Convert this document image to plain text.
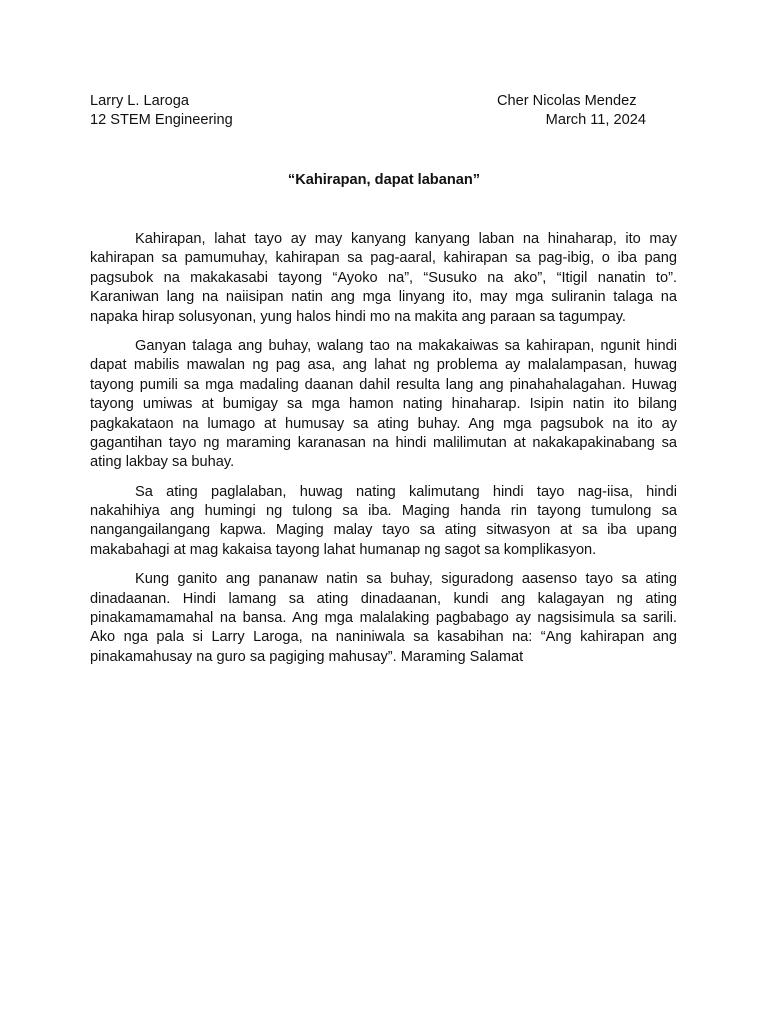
Larry L. Laroga
12 STEM Engineering
Cher Nicolas Mendez
March 11, 2024
“Kahirapan, dapat labanan”
Kahirapan, lahat tayo ay may kanyang kanyang laban na hinaharap, ito may
kahirapan sa pamumuhay, kahirapan sa pag-aaral, kahirapan sa pag-ibig, o iba pang
pagsubok na makakasabi tayong “Ayoko na”, “Susuko na ako”, “Itigil nanatin to”.
Karaniwan lang na naiisipan natin ang mga linyang ito, may mga suliranin talaga na
napaka hirap solusyonan, yung halos hindi mo na makita ang paraan sa tagumpay.
Ganyan talaga ang buhay, walang tao na makakaiwas sa kahirapan, ngunit hindi
dapat mabilis mawalan ng pag asa, ang lahat ng problema ay malalampasan, huwag
tayong pumili sa mga madaling daanan dahil resulta lang ang pinahahalagahan. Huwag
tayong umiwas at bumigay sa mga hamon nating hinaharap. Isipin natin ito bilang
pagkakataon na lumago at humusay sa ating buhay. Ang mga pagsubok na ito ay
gagantihan tayo ng maraming karanasan na hindi malilimutan at nakakapakinabang sa
ating lakbay sa buhay.
Sa ating paglalaban, huwag nating kalimutang hindi tayo nag-iisa, hindi
nakahihiya ang humingi ng tulong sa iba. Maging handa rin tayong tumulong sa
nangangailangang kapwa. Maging malay tayo sa ating sitwasyon at sa iba upang
makabahagi at mag kakaisa tayong lahat humanap ng sagot sa komplikasyon.
Kung ganito ang pananaw natin sa buhay, siguradong aasenso tayo sa ating
dinadaanan. Hindi lamang sa ating dinadaanan, kundi ang kalagayan ng ating
pinakamamamahal na bansa. Ang mga malalaking pagbabago ay nagsisimula sa sarili.
Ako nga pala si Larry Laroga, na naniniwala sa kasabihan na: “Ang kahirapan ang
pinakamahusay na guro sa pagiging mahusay”. Maraming Salamat
